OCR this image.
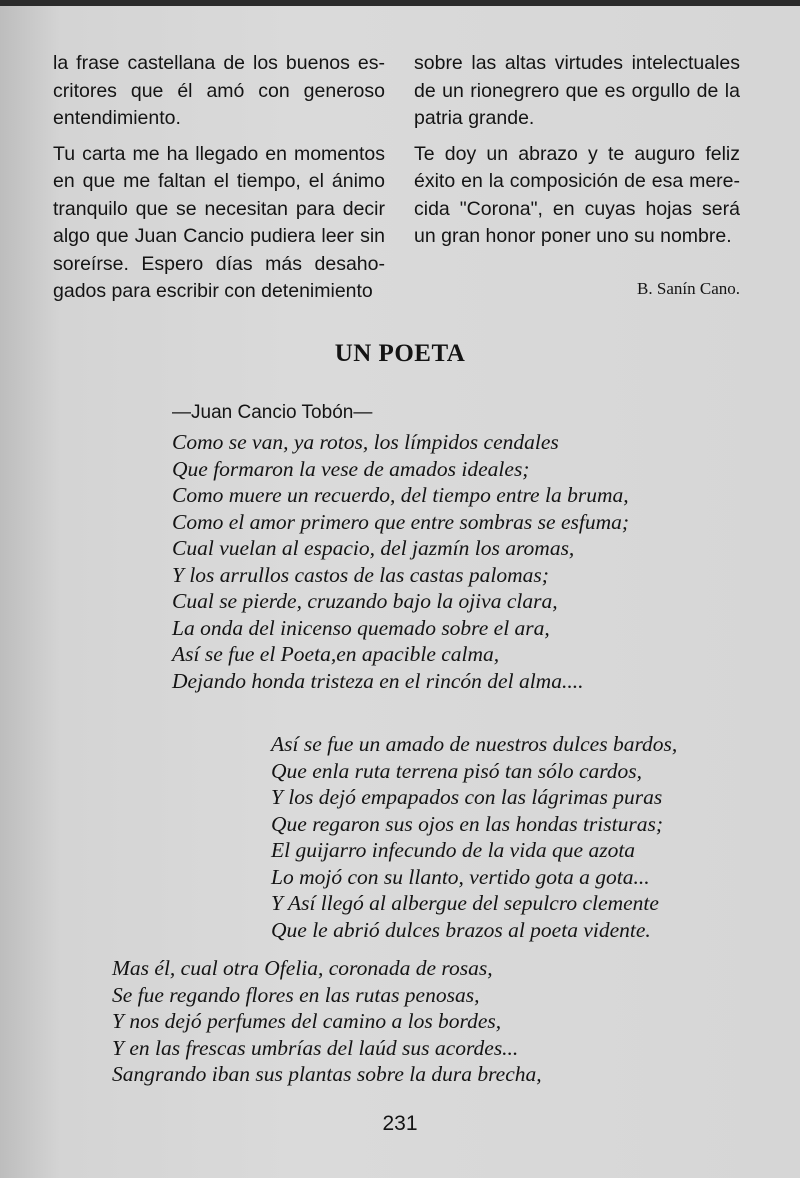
la frase castellana de los buenos es-critores que él amó con generoso entendimiento.

Tu carta me ha llegado en momentos en que me faltan el tiempo, el ánimo tranquilo que se necesitan para decir algo que Juan Cancio pudiera leer sin soreírse. Espero días más desaho-gados para escribir con detenimiento

sobre las altas virtudes intelectuales de un rionegrero que es orgullo de la patria grande.

Te doy un abrazo y te auguro feliz éxito en la composición de esa mere-cida "Corona", en cuyas hojas será un gran honor poner uno su nombre.

B. Sanín Cano.
UN POETA
—Juan Cancio Tobón—
Como se van, ya rotos, los límpidos cendales
Que formaron la vese de amados ideales;
Como muere un recuerdo, del tiempo entre la bruma,
Como el amor primero que entre sombras se esfuma;
Cual vuelan al espacio, del jazmín los aromas,
Y los arrullos castos de las castas palomas;
Cual se pierde, cruzando bajo la ojiva clara,
La onda del inicenso quemado sobre el ara,
Así se fue el Poeta,en apacible calma,
Dejando honda tristeza en el rincón del alma....
Así se fue un amado de nuestros dulces bardos,
Que enla ruta terrena pisó tan sólo cardos,
Y los dejó empapados con las lágrimas puras
Que regaron sus ojos en las hondas tristuras;
El guijarro infecundo de la vida que azota
Lo mojó con su llanto, vertido gota a gota...
Y Así llegó al albergue del sepulcro clemente
Que le abrió dulces brazos al poeta vidente.
Mas él, cual otra Ofelia, coronada de rosas,
Se fue regando flores en las rutas penosas,
Y nos dejó perfumes del camino a los bordes,
Y en las frescas umbrías del laúd sus acordes...
Sangrando iban sus plantas sobre la dura brecha,
231
